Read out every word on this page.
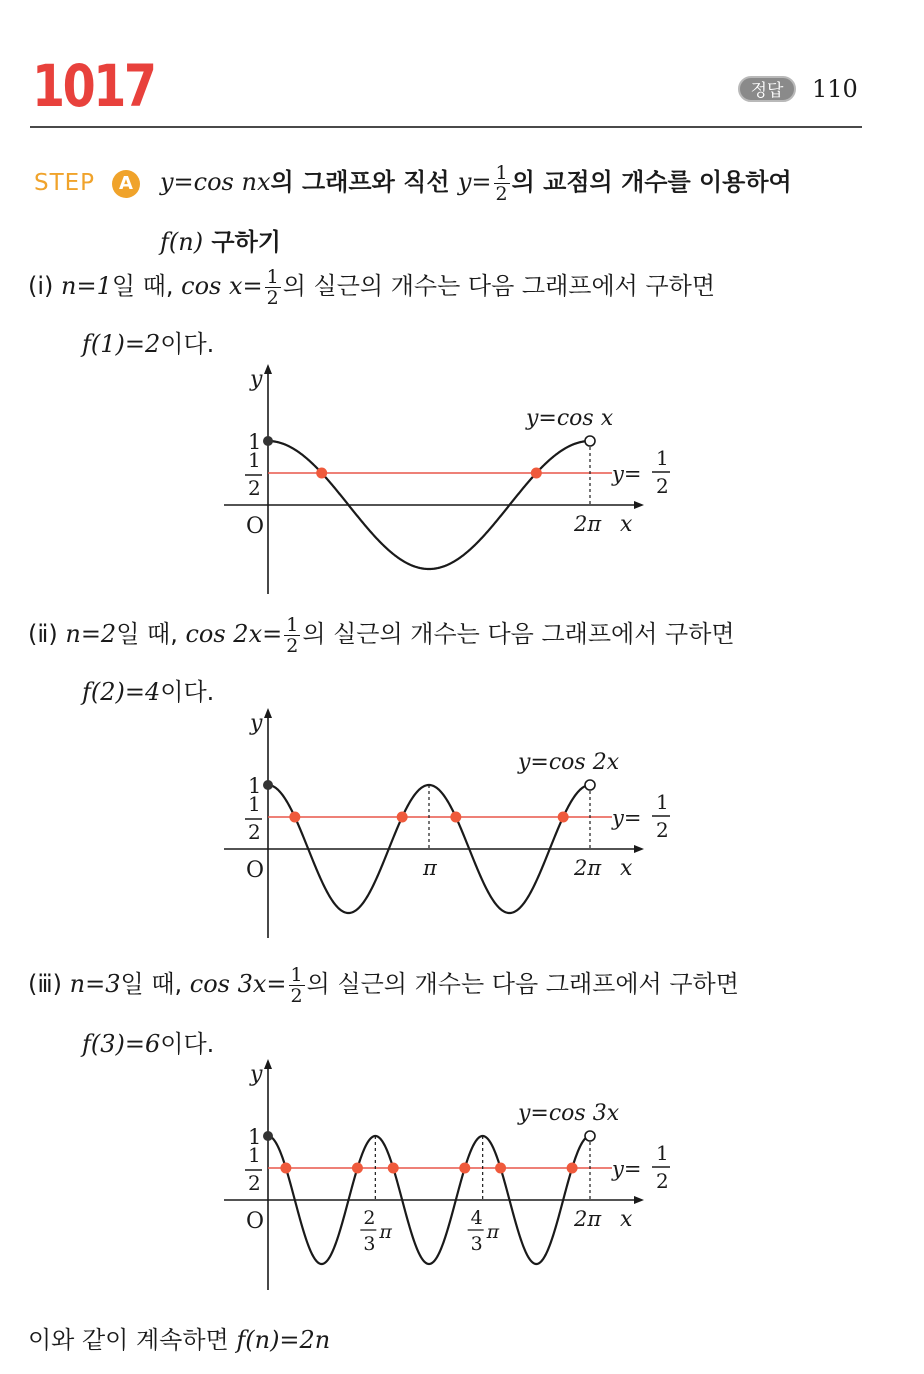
1017	정답	110
STEP	A y=cos nx의 그래프와 직선 $y= \frac{1}{2}$ 의 교점의 개수를 이용하여
f(n) 구하기
(ⅰ) n=1일 때, $\cos x= \frac{1}{2}$ 의 실근의 개수는 다음 그래프에서 구하면
f(1)=2이다.
y
x
O
1
1
2
y=
1
2
2π
y=cos x
(ⅱ) n=2일 때, $\cos 2x= \frac{1}{2}$ 의 실근의 개수는 다음 그래프에서 구하면
f(2)=4이다.
y
x
O
1
1
2
y=
1
2
π	2π
y=cos 2x
(ⅲ) n=3일 때, $\cos 3x= \frac{1}{2}$ 의 실근의 개수는 다음 그래프에서 구하면
f(3)=6이다.
y
x
O
1
1
2
y=
1
2
2
3
π
4
3
π
2π
y=cos 3x
이와 같이 계속하면 f(n)=2n
